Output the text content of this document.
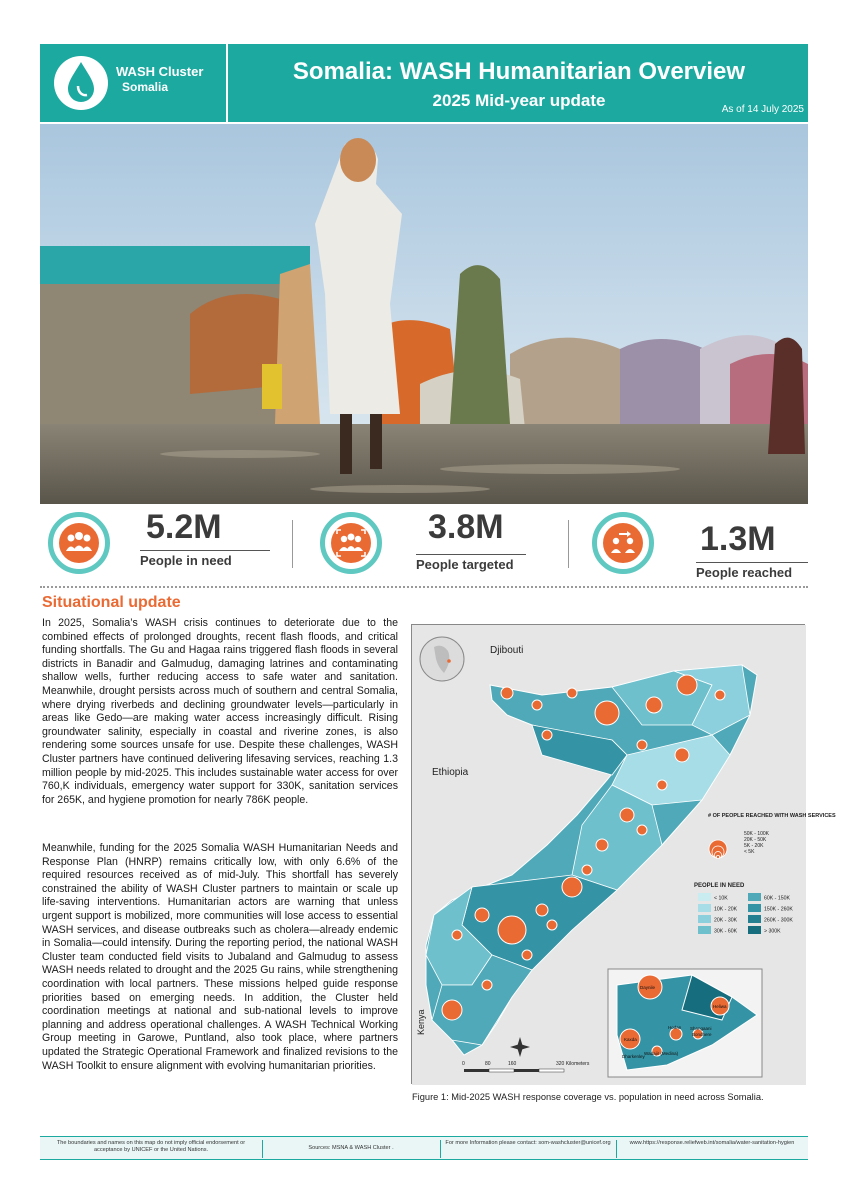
WASH Cluster
Somalia
Somalia: WASH Humanitarian Overview
2025 Mid-year update	As of 14 July 2025
5.2M
People in need
3.8M
People targeted
1.3M
People reached
Situational update
In 2025, Somalia’s WASH crisis continues to deteriorate due to the combined effects of prolonged droughts, recent flash floods, and critical funding shortfalls. The Gu and Hagaa rains triggered flash floods in several districts in Banadir and Galmudug, damaging latrines and contaminating shallow wells, further reducing access to safe water and sanitation. Meanwhile, drought persists across much of southern and central Somalia, where drying riverbeds and declining groundwater levels—particularly in areas like Gedo—are making water access increasingly difficult. Rising groundwater salinity, especially in coastal and riverine zones, is also rendering some sources unsafe for use. Despite these challenges, WASH Cluster partners have continued delivering lifesaving services, reaching 1.3 million people by mid-2025. This includes sustainable water access for over 760,K individuals, emergency water support for 330K, sanitation services for 265K, and hygiene promotion for nearly 786K people.
Meanwhile, funding for the 2025 Somalia WASH Humanitarian Needs and Response Plan (HNRP) remains critically low, with only 6.6% of the required resources received as of mid-July. This shortfall has severely constrained the ability of WASH Cluster partners to maintain or scale up life-saving interventions. Humanitarian actors are warning that unless urgent support is mobilized, more communities will lose access to essential WASH services, and disease outbreaks such as cholera—already endemic in Somalia—could intensify. During the reporting period, the national WASH Cluster team conducted field visits to Jubaland and Galmudug to assess WASH needs related to drought and the 2025 Gu rains, while strengthening coordination with local partners. These missions helped guide response priorities based on emerging needs. In addition, the Cluster held coordination meetings at national and sub-national levels to improve planning and address operational challenges. A WASH Technical Working Group meeting in Garowe, Puntland, also took place, where partners updated the Strategic Operational Framework and finalized revisions to the WASH Toolkit to ensure alignment with evolving humanitarian priorities.
Djibouti
Ethiopia
Kenya
# OF PEOPLE REACHED WITH WASH SERVICES
50K - 100K
20K - 50K
5K - 20K
< 5K
PEOPLE IN NEED
< 10K	60K - 150K
10K - 20K	150K - 260K
20K - 30K	260K - 300K
30K - 60K	> 300K
Daynile
Heliwa
Hodan
Kaxda
Shangaani
Bondhere
Wadajir (Medina)
Dharkenley
0	80	160	320 Kilometers
Figure 1: Mid-2025 WASH response coverage vs. population in need across Somalia.
The boundaries and names on this map do not imply official endorsement or acceptance by UNICEF or the United Nations.	Sources: MSNA & WASH Cluster .
For more Information please contact: som-washcluster@unicef.org	www.https://response.reliefweb.int/somalia/water-sanitation-hygien
